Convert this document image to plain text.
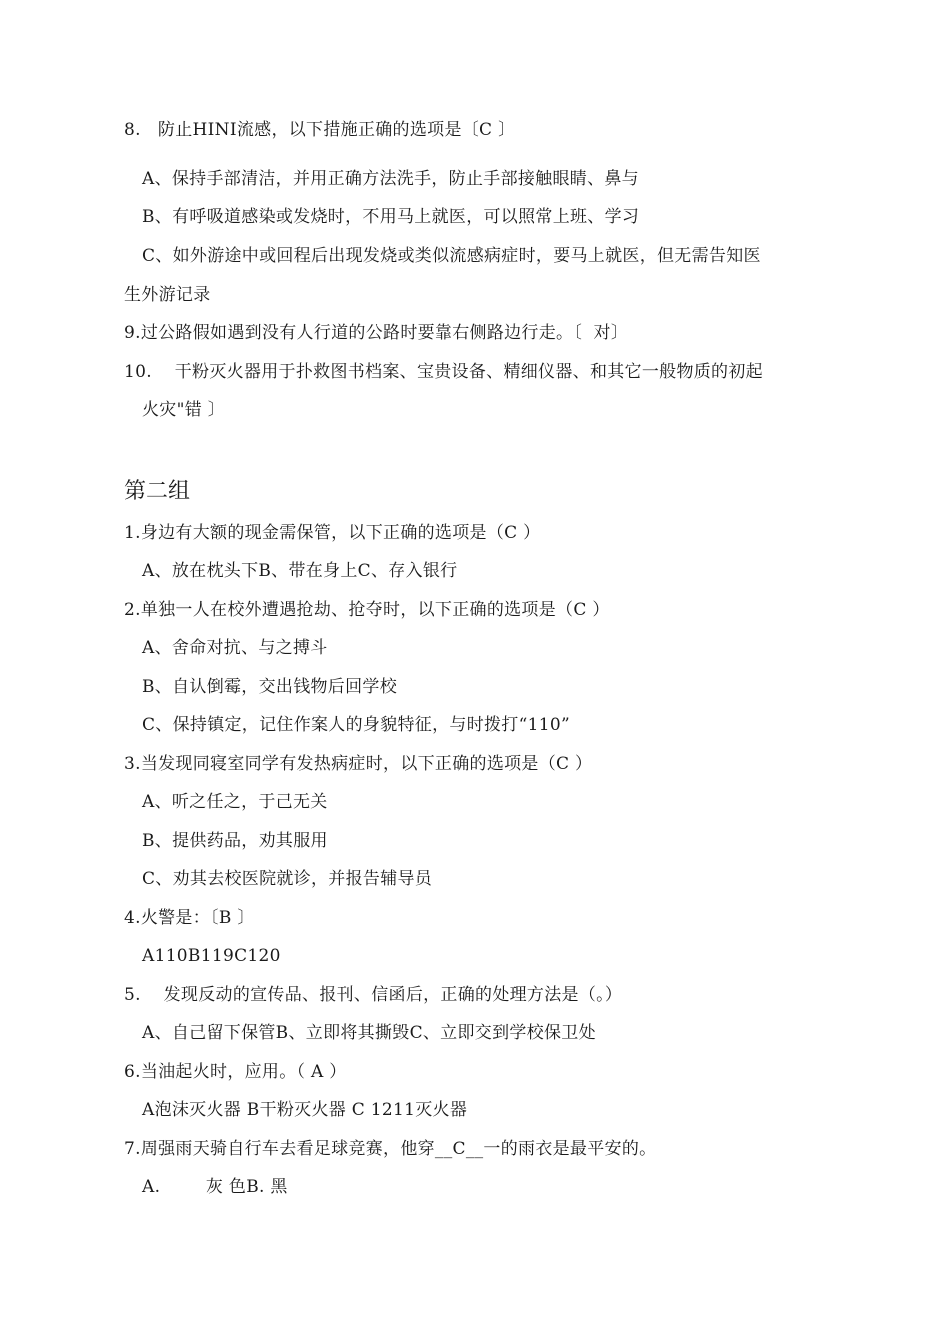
8.   防止HINI流感，以下措施正确的选项是〔C 〕
A、保持手部清洁，并用正确方法洗手，防止手部接触眼睛、鼻与
B、有呼吸道感染或发烧时，不用马上就医，可以照常上班、学习
C、如外游途中或回程后出现发烧或类似流感病症时，要马上就医，但无需告知医
生外游记录
9.过公路假如遇到没有人行道的公路时要靠右侧路边行走。〔  对〕
10.    干粉灭火器用于扑救图书档案、宝贵设备、精细仪器、和其它一般物质的初起
火灾"错 〕
第二组
1.身边有大额的现金需保管，以下正确的选项是（C ）
A、放在枕头下B、带在身上C、存入银行
2.单独一人在校外遭遇抢劫、抢夺时，以下正确的选项是（C ）
A、舍命对抗、与之搏斗
B、自认倒霉，交出钱物后回学校
C、保持镇定，记住作案人的身貌特征，与时拨打“110”
3.当发现同寝室同学有发热病症时，以下正确的选项是（C ）
A、听之任之，于己无关
B、提供药品，劝其服用
C、劝其去校医院就诊，并报告辅导员
4.火警是：〔B 〕
A110B119C120
5.    发现反动的宣传品、报刊、信函后，正确的处理方法是（。）
A、自己留下保管B、立即将其撕毁C、立即交到学校保卫处
6.当油起火时，应用。（ A ）
A泡沫灭火器 B干粉灭火器 C 1211灭火器
7.周强雨天骑自行车去看足球竞赛，他穿__C__一的雨衣是最平安的。
A.        灰 色B. 黑
